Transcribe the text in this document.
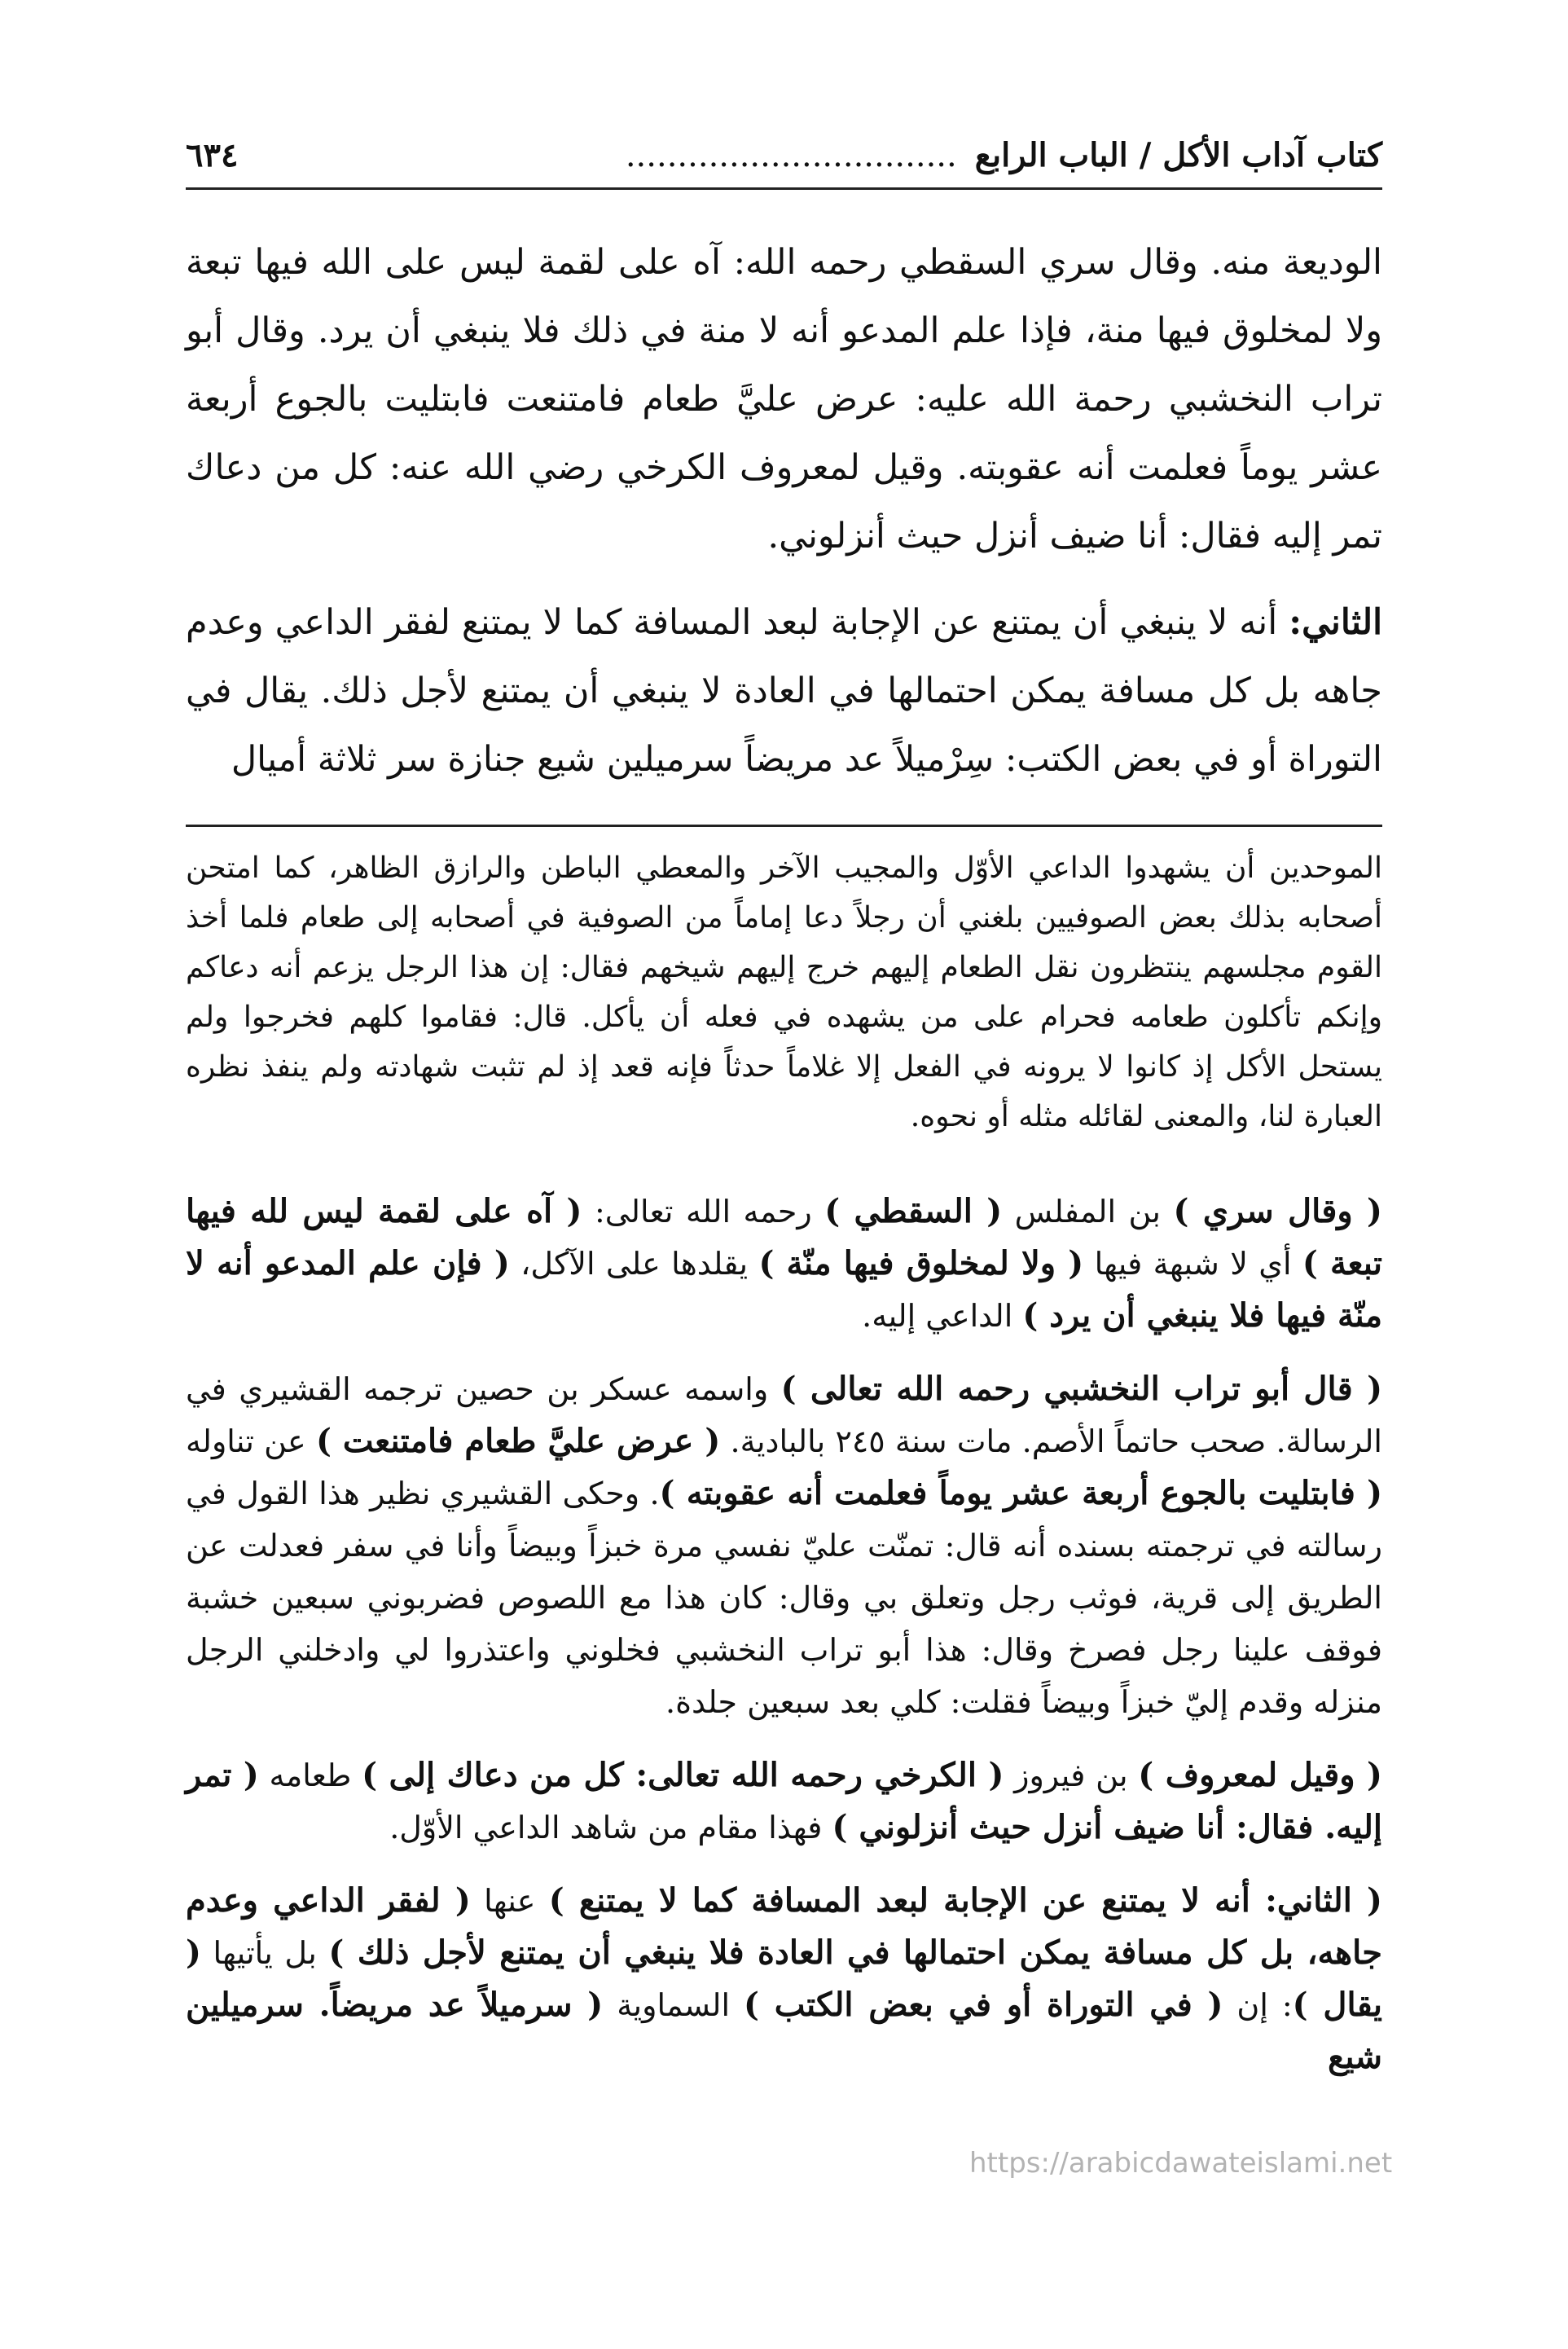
كتاب آداب الأكل / الباب الرابع................................
٦٣٤

الوديعة منه. وقال سري السقطي رحمه الله: آه على لقمة ليس على الله فيها تبعة ولا لمخلوق فيها منة، فإذا علم المدعو أنه لا منة في ذلك فلا ينبغي أن يرد. وقال أبو تراب النخشبي رحمة الله عليه: عرض عليَّ طعام فامتنعت فابتليت بالجوع أربعة عشر يوماً فعلمت أنه عقوبته. وقيل لمعروف الكرخي رضي الله عنه: كل من دعاك تمر إليه فقال: أنا ضيف أنزل حيث أنزلوني.

الثاني: أنه لا ينبغي أن يمتنع عن الإجابة لبعد المسافة كما لا يمتنع لفقر الداعي وعدم جاهه بل كل مسافة يمكن احتمالها في العادة لا ينبغي أن يمتنع لأجل ذلك. يقال في التوراة أو في بعض الكتب: سِرْميلاً عد مريضاً سرميلين شيع جنازة سر ثلاثة أميال

الموحدين أن يشهدوا الداعي الأوّل والمجيب الآخر والمعطي الباطن والرازق الظاهر، كما امتحن أصحابه بذلك بعض الصوفيين بلغني أن رجلاً دعا إماماً من الصوفية في أصحابه إلى طعام فلما أخذ القوم مجلسهم ينتظرون نقل الطعام إليهم خرج إليهم شيخهم فقال: إن هذا الرجل يزعم أنه دعاكم وإنكم تأكلون طعامه فحرام على من يشهده في فعله أن يأكل. قال: فقاموا كلهم فخرجوا ولم يستحل الأكل إذ كانوا لا يرونه في الفعل إلا غلاماً حدثاً فإنه قعد إذ لم تثبت شهادته ولم ينفذ نظره العبارة لنا، والمعنى لقائله مثله أو نحوه.

( وقال سري ) بن المفلس ( السقطي ) رحمه الله تعالى: ( آه على لقمة ليس لله فيها تبعة ) أي لا شبهة فيها ( ولا لمخلوق فيها منّة ) يقلدها على الآكل، ( فإن علم المدعو أنه لا منّة فيها فلا ينبغي أن يرد ) الداعي إليه.

( قال أبو تراب النخشبي رحمه الله تعالى ) واسمه عسكر بن حصين ترجمه القشيري في الرسالة. صحب حاتماً الأصم. مات سنة ٢٤٥ بالبادية. ( عرض عليَّ طعام فامتنعت ) عن تناوله ( فابتليت بالجوع أربعة عشر يوماً فعلمت أنه عقوبته ). وحكى القشيري نظير هذا القول في رسالته في ترجمته بسنده أنه قال: تمنّت عليّ نفسي مرة خبزاً وبيضاً وأنا في سفر فعدلت عن الطريق إلى قرية، فوثب رجل وتعلق بي وقال: كان هذا مع اللصوص فضربوني سبعين خشبة فوقف علينا رجل فصرخ وقال: هذا أبو تراب النخشبي فخلوني واعتذروا لي وادخلني الرجل منزله وقدم إليّ خبزاً وبيضاً فقلت: كلي بعد سبعين جلدة.

( وقيل لمعروف ) بن فيروز ( الكرخي رحمه الله تعالى: كل من دعاك إلى ) طعامه ( تمر إليه. فقال: أنا ضيف أنزل حيث أنزلوني ) فهذا مقام من شاهد الداعي الأوّل.

( الثاني: أنه لا يمتنع عن الإجابة لبعد المسافة كما لا يمتنع ) عنها ( لفقر الداعي وعدم جاهه، بل كل مسافة يمكن احتمالها في العادة فلا ينبغي أن يمتنع لأجل ذلك ) بل يأتيها ( يقال ): إن ( في التوراة أو في بعض الكتب ) السماوية ( سرميلاً عد مريضاً. سرميلين شيع

https://arabicdawateislami.net
